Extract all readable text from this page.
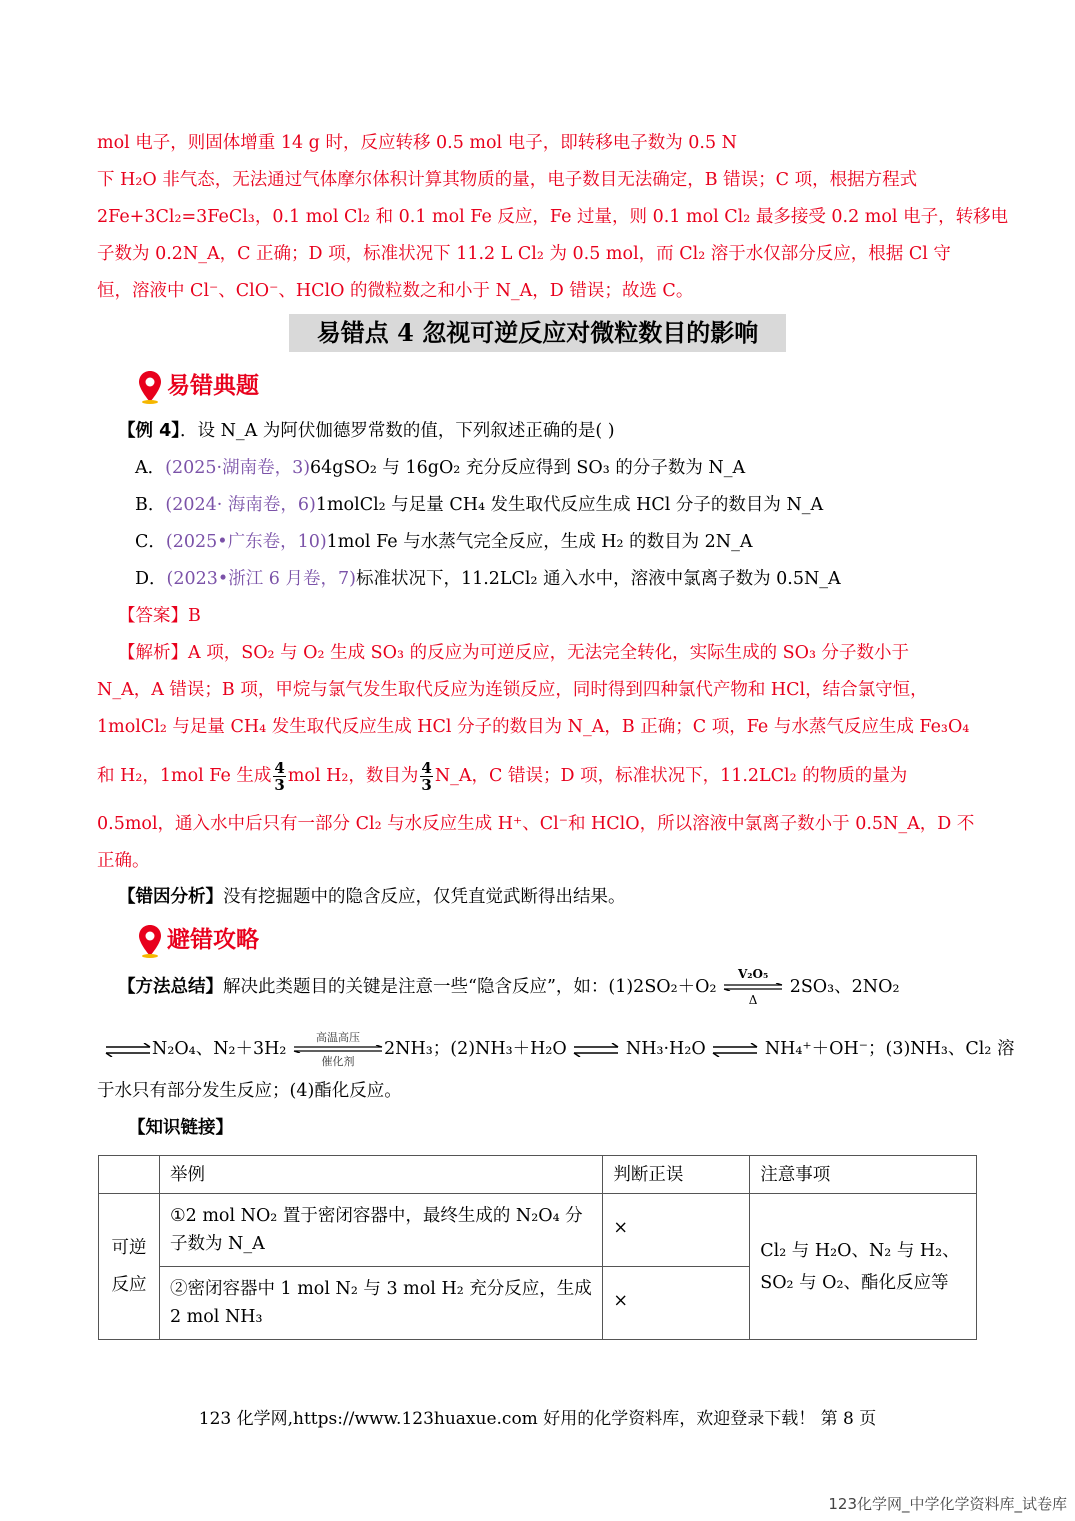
mol 电子，则固体增重 14 g 时，反应转移 0.5 mol 电子，即转移电子数为 0.5 N
下 H₂O 非气态，无法通过气体摩尔体积计算其物质的量，电子数目无法确定，B 错误；C 项，根据方程式
2Fe+3Cl₂=3FeCl₃，0.1 mol Cl₂ 和 0.1 mol Fe 反应，Fe 过量，则 0.1 mol Cl₂ 最多接受 0.2 mol 电子，转移电
子数为 0.2N_A，C 正确；D 项，标准状况下 11.2 L Cl₂ 为 0.5 mol，而 Cl₂ 溶于水仅部分反应，根据 Cl 守
恒，溶液中 Cl⁻、ClO⁻、HClO 的微粒数之和小于 N_A，D 错误；故选 C。
易错点 4 忽视可逆反应对微粒数目的影响
易错典题
【例 4】．设 N_A 为阿伏伽德罗常数的值，下列叙述正确的是( )
A．(2025·湖南卷，3)64gSO₂ 与 16gO₂ 充分反应得到 SO₃ 的分子数为 N_A
B．(2024· 海南卷，6)1molCl₂ 与足量 CH₄ 发生取代反应生成 HCl 分子的数目为 N_A
C．(2025•广东卷，10)1mol Fe 与水蒸气完全反应，生成 H₂ 的数目为 2N_A
D．(2023•浙江 6 月卷，7)标准状况下，11.2LCl₂ 通入水中，溶液中氯离子数为 0.5N_A
【答案】B
【解析】A 项，SO₂ 与 O₂ 生成 SO₃ 的反应为可逆反应，无法完全转化，实际生成的 SO₃ 分子数小于
N_A，A 错误；B 项，甲烷与氯气发生取代反应为连锁反应，同时得到四种氯代产物和 HCl，结合氯守恒，
1molCl₂ 与足量 CH₄ 发生取代反应生成 HCl 分子的数目为 N_A，B 正确；C 项，Fe 与水蒸气反应生成 Fe₃O₄
和 H₂，1mol Fe 生成 $\frac{4}{3}$ mol H₂，数目为 $\frac{4}{3}$ N_A，C 错误；D 项，标准状况下，11.2LCl₂ 的物质的量为
0.5mol，通入水中后只有一部分 Cl₂ 与水反应生成 H⁺、Cl⁻和 HClO，所以溶液中氯离子数小于 0.5N_A，D 不
正确。
【错因分析】没有挖掘题中的隐含反应，仅凭直觉武断得出结果。
避错攻略
【方法总结】解决此类题目的关键是注意一些“隐含反应”，如：(1)2SO₂＋O₂
V₂O₅
Δ
2SO₃、2NO₂
⇌N₂O₄、N₂＋3H₂
高温高压
催化剂
2NH₃；(2)NH₃＋H₂O ⇌ NH₃·H₂O ⇌ NH₄⁺＋OH⁻；(3)NH₃、Cl₂ 溶
于水只有部分发生反应；(4)酯化反应。
【知识链接】
	举例	判断正误	注意事项

可逆
反应	①2 mol NO₂ 置于密闭容器中，最终生成的 N₂O₄ 分
子数为 N_A	×	Cl₂ 与 H₂O、N₂ 与 H₂、
SO₂ 与 O₂、酯化反应等

	②密闭容器中 1 mol N₂ 与 3 mol H₂ 充分反应，生成
2 mol NH₃	×	
123 化学网,https://www.123huaxue.com 好用的化学资料库，欢迎登录下载！ 第 8 页
123化学网_中学化学资料库_试卷库
